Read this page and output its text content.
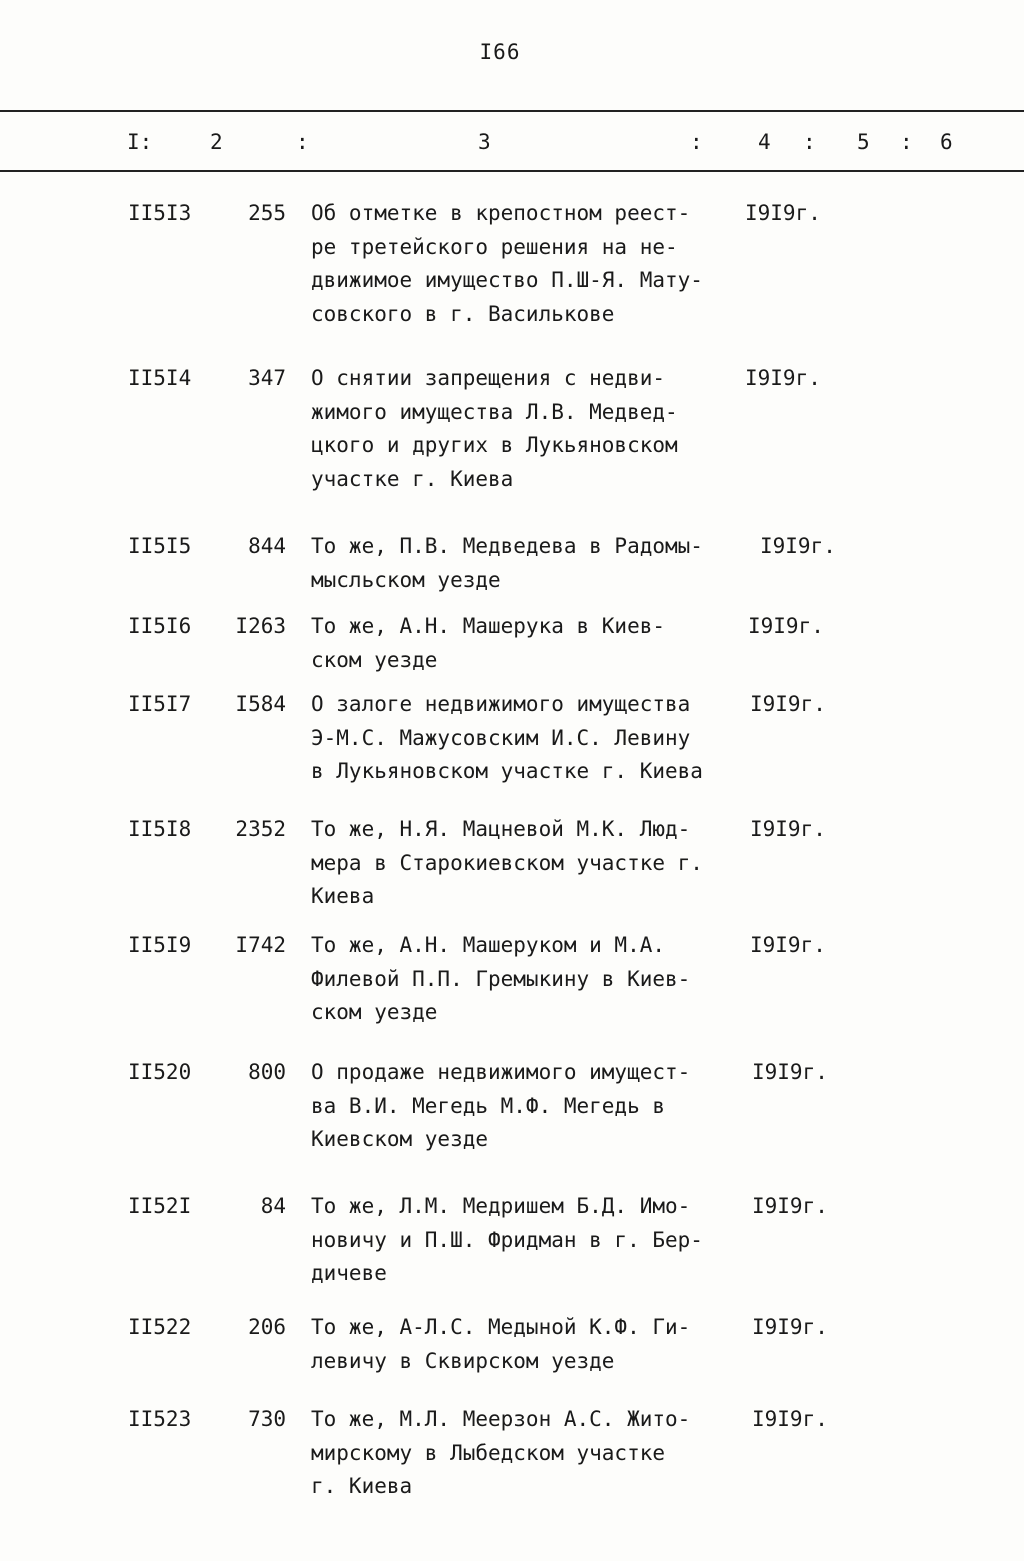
I66
I:	2	:	3	:	4 : 5 : 6
II5I3	255 Об отметке в крепостном реест-
ре третейского решения на не-
движимое имущество П.Ш-Я. Мату-
совского в г. Василькове
I9I9г.
II5I4	347 О снятии запрещения с недви-
жимого имущества Л.В. Медвед-
цкого и других в Лукьяновском
участке г. Киева
I9I9г.
II5I5	844 То же, П.В. Медведева в Радомы-
мысльском уезде
I9I9г.
II5I6	I263 То же, А.Н. Машерука в Киев-
ском уезде
I9I9г.
II5I7	I584 О залоге недвижимого имущества
Э-М.С. Мажусовским И.С. Левину
в Лукьяновском участке г. Киева
I9I9г.
II5I8	2352 То же, Н.Я. Мацневой М.К. Люд-
мера в Старокиевском участке г.
Киева
I9I9г.
II5I9	I742 То же, А.Н. Машеруком и М.А.
Филевой П.П. Гремыкину в Киев-
ском уезде
I9I9г.
II520	800 О продаже недвижимого имущест-
ва В.И. Мегедь М.Ф. Мегедь в
Киевском уезде
I9I9г.
II52I	84 То же, Л.М. Медришем Б.Д. Имо-
новичу и П.Ш. Фридман в г. Бер-
дичеве
I9I9г.
II522	206 То же, А-Л.С. Медыной К.Ф. Ги-
левичу в Сквирском уезде
I9I9г.
II523	730 То же, М.Л. Меерзон А.С. Жито-
мирскому в Лыбедском участке
г. Киева
I9I9г.
